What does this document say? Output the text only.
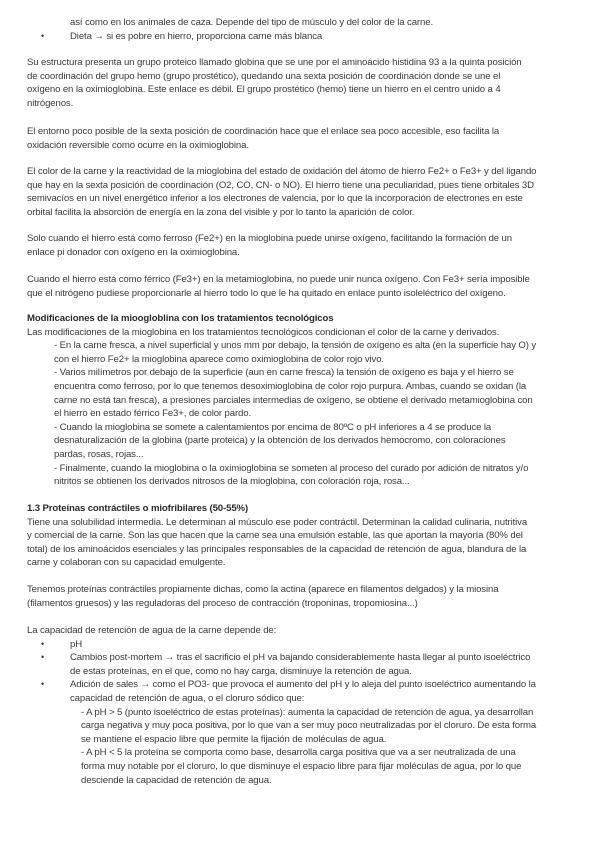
así como en los animales de caza. Depende del tipo de músculo y del color de la carne.
•	Dieta → si es pobre en hierro, proporciona carne más blanca
Su estructura presenta un grupo proteico llamado globina que se une por el aminoácido histidina 93 a la quinta posición
de coordinación del grupo hemo (grupo prostético), quedando una sexta posición de coordinación donde se une el
oxígeno en la oximioglobina. Este enlace es débil. El grupo prostético (hemo) tiene un hierro en el centro unido a 4
nitrógenos.
El entorno poco posible de la sexta posición de coordinación hace que el enlace sea poco accesible, eso facilita la
oxidación reversible como ocurre en la oximioglobina.
El color de la carne y la reactividad de la mioglobina del estado de oxidación del átomo de hierro Fe2+ o Fe3+ y del ligando
que hay en la sexta posición de coordinación (O2, CO, CN- o NO). El hierro tiene una peculiaridad, pues tiene orbitales 3D
semivacíos en un nivel energético inferior a los electrones de valencia, por lo que la incorporación de electrones en este
orbital facilita la absorción de energía en la zona del visible y por lo tanto la aparición de color.
Solo cuando el hierro está como ferroso (Fe2+) en la mioglobina puede unirse oxígeno, facilitando la formación de un
enlace pi donador con oxígeno en la oximioglobina.
Cuando el hierro está como férrico (Fe3+) en la metamioglobina, no puede unir nunca oxígeno. Con Fe3+ sería imposible
que el nitrógeno pudiese proporcionarle al hierro todo lo que le ha quitado en enlace punto isoleléctrico del oxígeno.
Modificaciones de la mioogloblina con los tratamientos tecnológicos
Las modificaciones de la mioglobina en los tratamientos tecnológicos condicionan el color de la carne y derivados.
- En la carne fresca, a nivel superficial y unos mm por debajo, la tensión de oxígeno es alta (en la superficie hay O) y
con el hierro Fe2+ la mioglobina aparece como oximioglobina de color rojo vivo.
- Varios milímetros por debajo de la superficie (aun en carne fresca) la tensión de oxígeno es baja y el hierro se
encuentra como ferroso, por lo que tenemos desoximioglobina de color rojo purpura. Ambas, cuando se oxidan (la
carne no está tan fresca), a presiones parciales intermedias de oxígeno, se obtiene el derivado metamioglobina con
el hierro en estado férrico Fe3+, de color pardo.
- Cuando la mioglobina se somete a calentamientos por encima de 80ºC o pH inferiores a 4 se produce la
desnaturalización de la globina (parte proteica) y la obtención de los derivados hemocromo, con coloraciones
pardas, rosas, rojas...
- Finalmente, cuando la mioglobina o la oximioglobina se someten al proceso del curado por adición de nitratos y/o
nitritos se obtienen los derivados nitrosos de la mioglobina, con coloración roja, rosa...
1.3 Proteínas contráctiles o miofribilares (50-55%)
Tiene una solubilidad intermedia. Le determinan al músculo ese poder contráctil. Determinan la calidad culinaria, nutritiva
y comercial de la carne. Son las que hacen que la carne sea una emulsión estable, las que aportan la mayoría (80% del
total) de los aminoácidos esenciales y las principales responsables de la capacidad de retención de agua, blandura de la
carne y colaboran con su capacidad emulgente.
Tenemos proteínas contráctiles propiamente dichas, como la actina (aparece en filamentos delgados) y la miosina
(filamentos gruesos) y las reguladoras del proceso de contracción (troponinas, tropomiosina...)
La capacidad de retención de agua de la carne depende de:
•	pH
•	Cambios post-mortem → tras el sacrificio el pH va bajando considerablemente hasta llegar al punto isoeléctrico
de estas proteínas, en el que, como no hay carga, disminuye la retención de agua.
•	Adición de sales → como el PO3- que provoca el aumento del pH y lo aleja del punto isoeléctrico aumentando la
capacidad de retención de agua, o el cloruro sódico que:
- A pH > 5 (punto isoeléctrico de estas proteínas): aumenta la capacidad de retención de agua, ya desarrollan
carga negativa y muy poca positiva, por lo que van a ser muy poco neutralizadas por el cloruro. De esta forma
se mantiene el espacio libre que permite la fijación de moléculas de agua.
- A pH < 5 la proteína se comporta como base, desarrolla carga positiva que va a ser neutralizada de una
forma muy notable por el cloruro, lo que disminuye el espacio libre para fijar moléculas de agua, por lo que
desciende la capacidad de retención de agua.
